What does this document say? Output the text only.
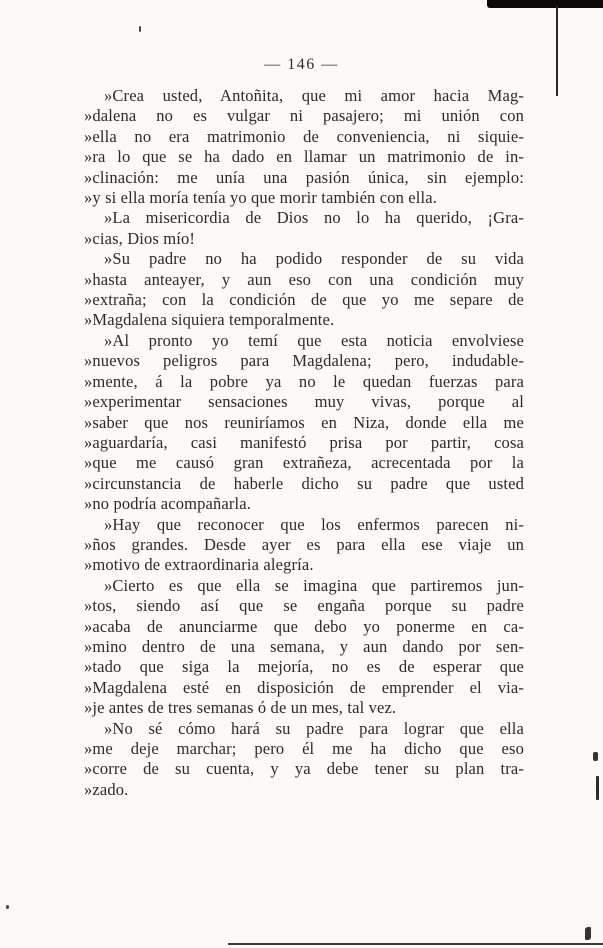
— 146 —
»Crea usted, Antoñita, que mi amor hacia Mag-
»dalena no es vulgar ni pasajero; mi unión con
»ella no era matrimonio de conveniencia, ni siquie-
»ra lo que se ha dado en llamar un matrimonio de in-
»clinación: me unía una pasión única, sin ejemplo:
»y si ella moría tenía yo que morir también con ella.
»La misericordia de Dios no lo ha querido, ¡Gra-
»cias, Dios mío!
»Su padre no ha podido responder de su vida
»hasta anteayer, y aun eso con una condición muy
»extraña; con la condición de que yo me separe de
»Magdalena siquiera temporalmente.
»Al pronto yo temí que esta noticia envolviese
»nuevos peligros para Magdalena; pero, indudable-
»mente, á la pobre ya no le quedan fuerzas para
»experimentar sensaciones muy vivas, porque al
»saber que nos reuniríamos en Niza, donde ella me
»aguardaría, casi manifestó prisa por partir, cosa
»que me causó gran extrañeza, acrecentada por la
»circunstancia de haberle dicho su padre que usted
»no podría acompañarla.
»Hay que reconocer que los enfermos parecen ni-
»ños grandes. Desde ayer es para ella ese viaje un
»motivo de extraordinaria alegría.
»Cierto es que ella se imagina que partiremos jun-
»tos, siendo así que se engaña porque su padre
»acaba de anunciarme que debo yo ponerme en ca-
»mino dentro de una semana, y aun dando por sen-
»tado que siga la mejoría, no es de esperar que
»Magdalena esté en disposición de emprender el via-
»je antes de tres semanas ó de un mes, tal vez.
»No sé cómo hará su padre para lograr que ella
»me deje marchar; pero él me ha dicho que eso
»corre de su cuenta, y ya debe tener su plan tra-
»zado.
